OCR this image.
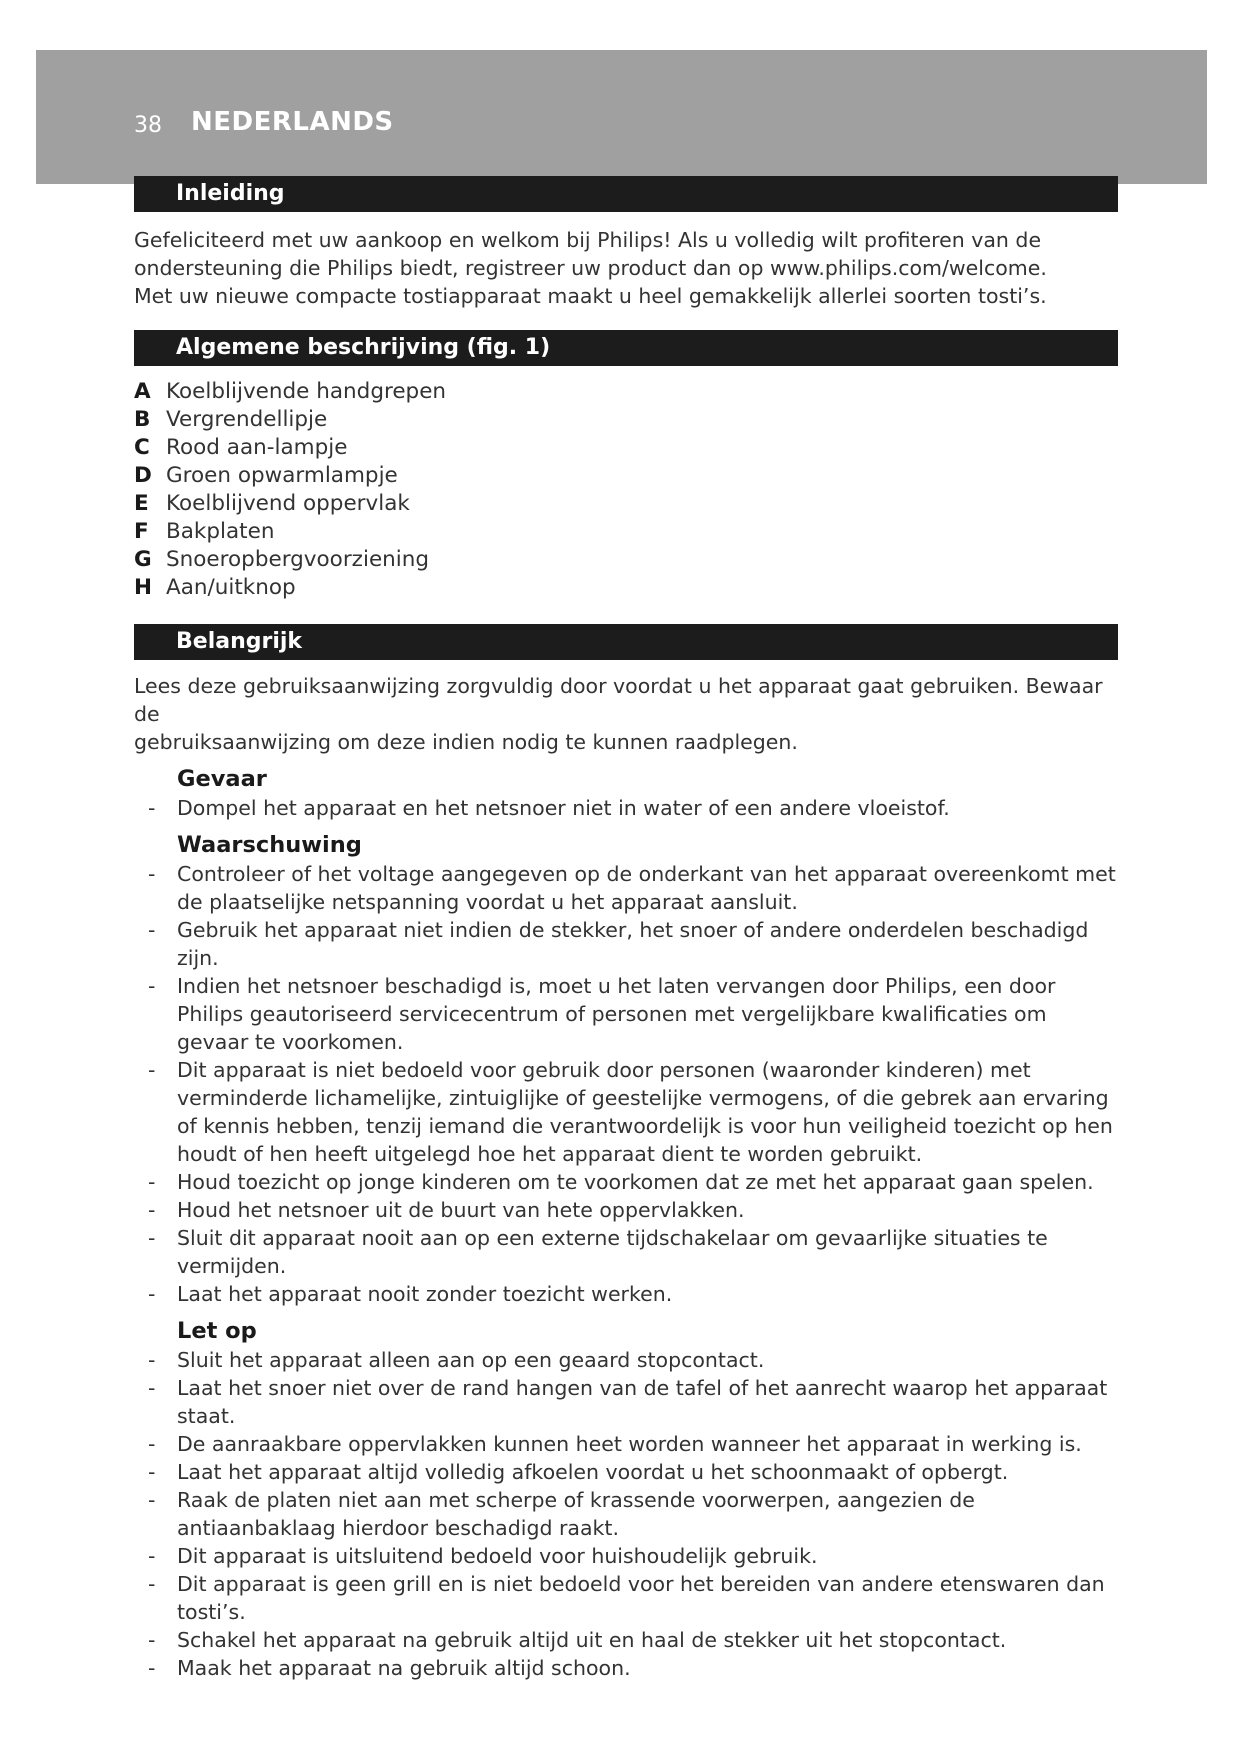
38 NEDERLANDS
Inleiding

Gefeliciteerd met uw aankoop en welkom bij Philips! Als u volledig wilt profiteren van de

ondersteuning die Philips biedt, registreer uw product dan op www.philips.com/welcome.

Met uw nieuwe compacte tostiapparaat maakt u heel gemakkelijk allerlei soorten tosti’s.

Algemene beschrijving (fig. 1)
A Koelblijvende handgrepen
B Vergrendellipje
C Rood aan-lampje
D Groen opwarmlampje
E Koelblijvend oppervlak
F Bakplaten
G Snoeropbergvoorziening
H Aan/uitknop
Belangrijk

Lees deze gebruiksaanwijzing zorgvuldig door voordat u het apparaat gaat gebruiken. Bewaar de

gebruiksaanwijzing om deze indien nodig te kunnen raadplegen.

Gevaar
- Dompel het apparaat en het netsnoer niet in water of een andere vloeistof.
Waarschuwing
- Controleer of het voltage aangegeven op de onderkant van het apparaat overeenkomt met de plaatselijke netspanning voordat u het apparaat aansluit.
- Gebruik het apparaat niet indien de stekker, het snoer of andere onderdelen beschadigd zijn.
- Indien het netsnoer beschadigd is, moet u het laten vervangen door Philips, een door Philips geautoriseerd servicecentrum of personen met vergelijkbare kwalificaties om gevaar te voorkomen.
- Dit apparaat is niet bedoeld voor gebruik door personen (waaronder kinderen) met verminderde lichamelijke, zintuiglijke of geestelijke vermogens, of die gebrek aan ervaring of kennis hebben, tenzij iemand die verantwoordelijk is voor hun veiligheid toezicht op hen houdt of hen heeft uitgelegd hoe het apparaat dient te worden gebruikt.
- Houd toezicht op jonge kinderen om te voorkomen dat ze met het apparaat gaan spelen.
- Houd het netsnoer uit de buurt van hete oppervlakken.
- Sluit dit apparaat nooit aan op een externe tijdschakelaar om gevaarlijke situaties te vermijden.
- Laat het apparaat nooit zonder toezicht werken.
Let op
- Sluit het apparaat alleen aan op een geaard stopcontact.
- Laat het snoer niet over de rand hangen van de tafel of het aanrecht waarop het apparaat staat.
- De aanraakbare oppervlakken kunnen heet worden wanneer het apparaat in werking is.
- Laat het apparaat altijd volledig afkoelen voordat u het schoonmaakt of opbergt.
- Raak de platen niet aan met scherpe of krassende voorwerpen, aangezien de antiaanbaklaag hierdoor beschadigd raakt.
- Dit apparaat is uitsluitend bedoeld voor huishoudelijk gebruik.
- Dit apparaat is geen grill en is niet bedoeld voor het bereiden van andere etenswaren dan tosti’s.
- Schakel het apparaat na gebruik altijd uit en haal de stekker uit het stopcontact.
- Maak het apparaat na gebruik altijd schoon.
